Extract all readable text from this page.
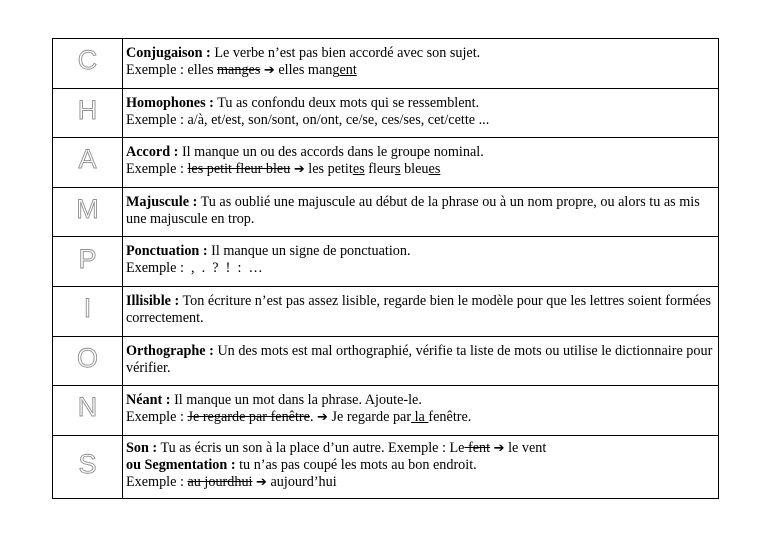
C	Conjugaison : Le verbe n’est pas bien accordé avec son sujet.
Exemple : elles manges ➔ elles mangent

H	Homophones : Tu as confondu deux mots qui se ressemblent.
Exemple : a/à, et/est, son/sont, on/ont, ce/se, ces/ses, cet/cette ...

A	Accord : Il manque un ou des accords dans le groupe nominal.
Exemple : les petit fleur bleu ➔ les petites fleurs bleues

M	Majuscule : Tu as oublié une majuscule au début de la phrase ou à un nom propre, ou alors tu as mis une majuscule en trop.

P	Ponctuation : Il manque un signe de ponctuation.
Exemple :  ,  .  ?  !  :  …

I	Illisible : Ton écriture n’est pas assez lisible, regarde bien le modèle pour que les lettres soient formées correctement.

O	Orthographe : Un des mots est mal orthographié, vérifie ta liste de mots ou utilise le dictionnaire pour vérifier.

N	Néant : Il manque un mot dans la phrase. Ajoute-le.
Exemple : Je regarde par fenêtre. ➔ Je regarde par la fenêtre.

S	Son : Tu as écris un son à la place d’un autre. Exemple : Le fent ➔ le vent
ou Segmentation : tu n’as pas coupé les mots au bon endroit.
Exemple : au jourdhui ➔ aujourd’hui
